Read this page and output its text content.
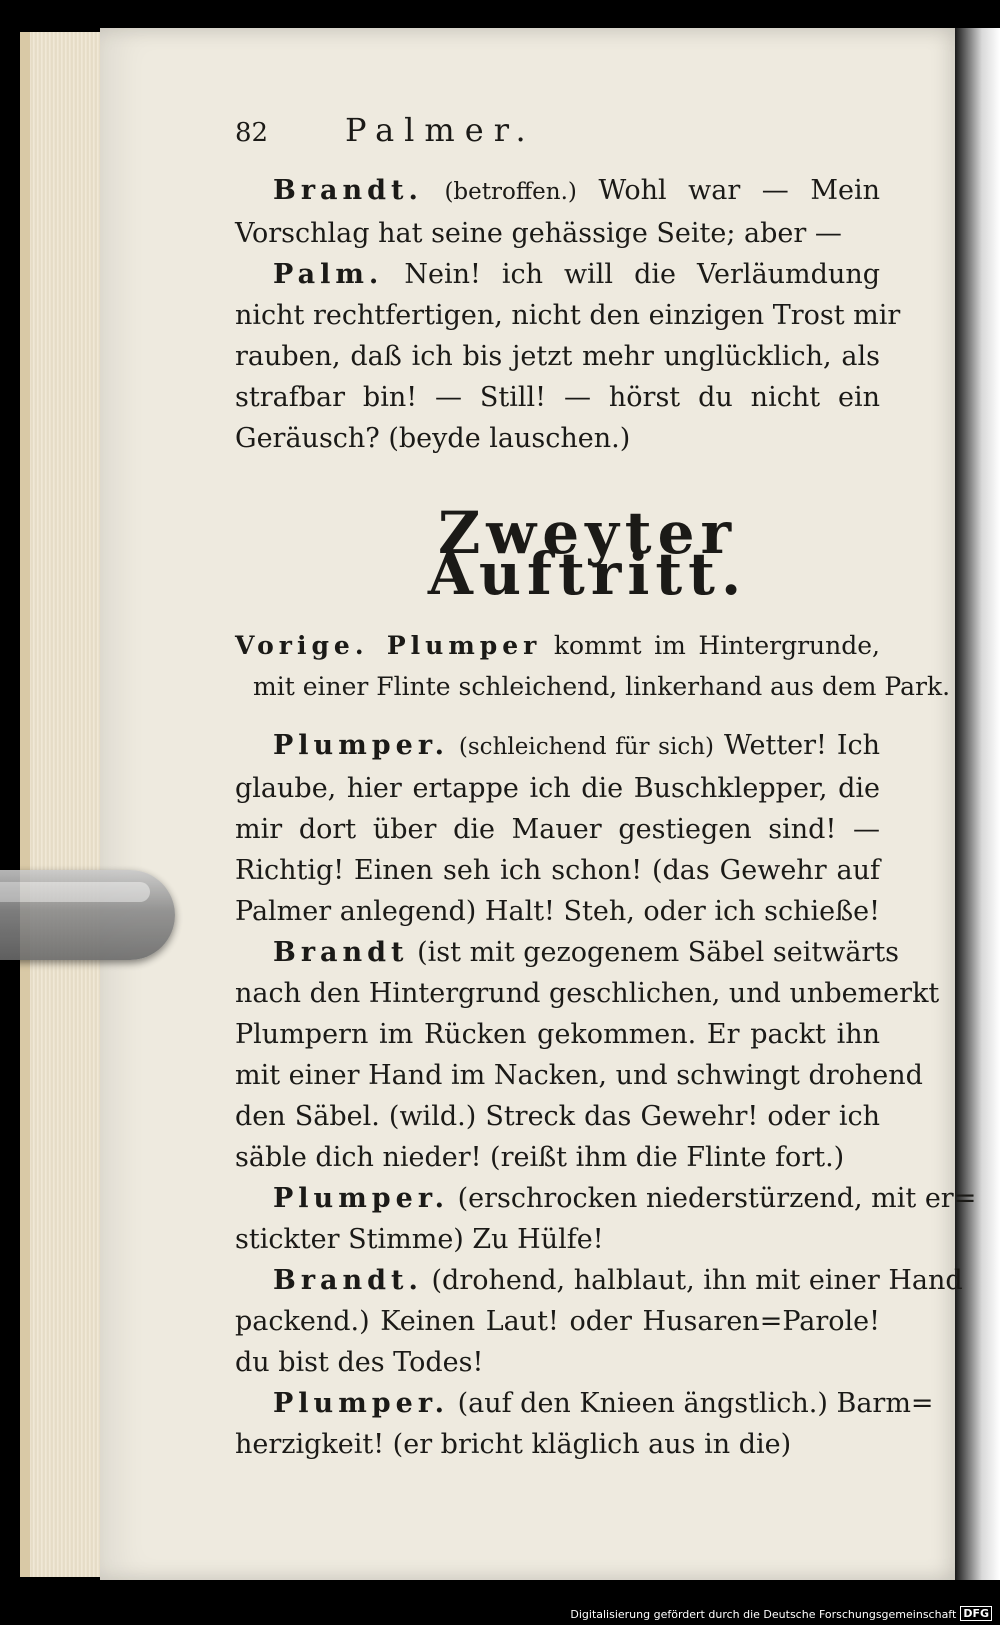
82	Palmer.
Brandt. (betroffen.) Wohl war — Mein
Vorschlag hat seine gehässige Seite; aber —
Palm. Nein! ich will die Verläumdung
nicht rechtfertigen, nicht den einzigen Trost mir
rauben, daß ich bis jetzt mehr unglücklich, als
strafbar bin! — Still! — hörst du nicht ein
Geräusch? (beyde lauschen.)
Zweyter Auftritt.
Vorige. Plumper kommt im Hintergrunde,
mit einer Flinte schleichend, linkerhand aus dem Park.
Plumper. (schleichend für sich) Wetter! Ich
glaube, hier ertappe ich die Buschklepper, die
mir dort über die Mauer gestiegen sind! —
Richtig! Einen seh ich schon! (das Gewehr auf
Palmer anlegend) Halt! Steh, oder ich schieße!
Brandt (ist mit gezogenem Säbel seitwärts
nach den Hintergrund geschlichen, und unbemerkt
Plumpern im Rücken gekommen. Er packt ihn
mit einer Hand im Nacken, und schwingt drohend
den Säbel. (wild.) Streck das Gewehr! oder ich
säble dich nieder! (reißt ihm die Flinte fort.)
Plumper. (erschrocken niederstürzend, mit er=
stickter Stimme) Zu Hülfe!
Brandt. (drohend, halblaut, ihn mit einer Hand
packend.) Keinen Laut! oder Husaren=Parole!
du bist des Todes!
Plumper. (auf den Knieen ängstlich.) Barm=
herzigkeit! (er bricht kläglich aus in die)
Digitalisierung gefördert durch die Deutsche Forschungsgemeinschaft DFG
